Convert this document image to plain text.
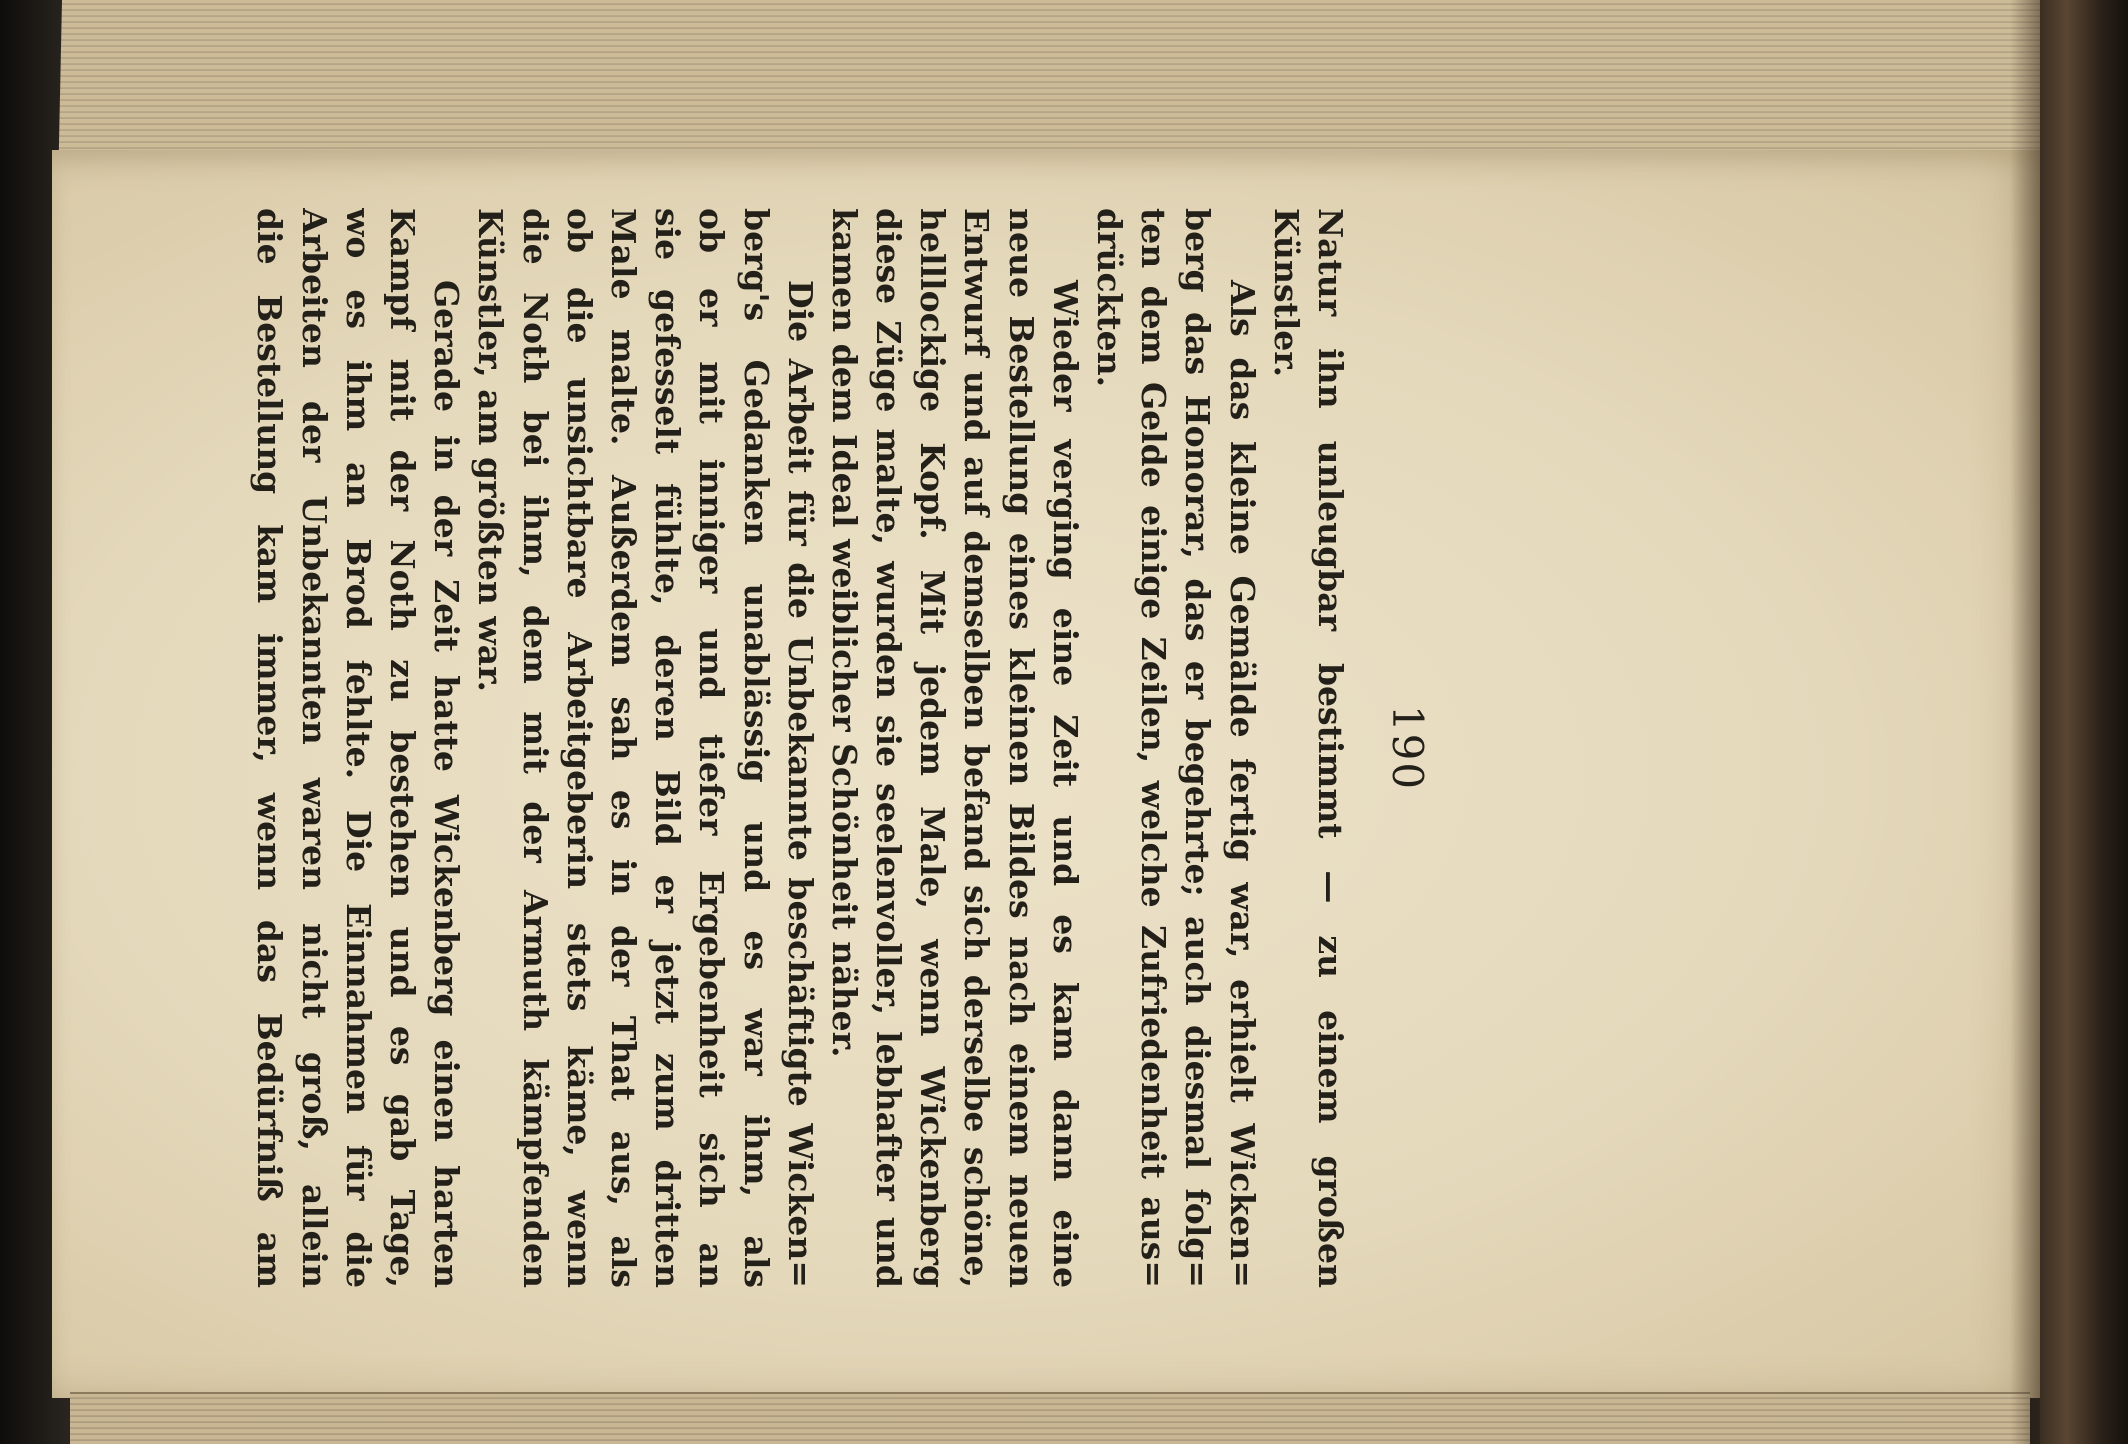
190
Natur ihn unleugbar bestimmt — zu einem großen
Künstler.
Als das kleine Gemälde fertig war, erhielt Wicken=
berg das Honorar, das er begehrte; auch diesmal folg=
ten dem Gelde einige Zeilen, welche Zufriedenheit aus=
drückten.
Wieder verging eine Zeit und es kam dann eine
neue Bestellung eines kleinen Bildes nach einem neuen
Entwurf und auf demselben befand sich derselbe schöne,
helllockige Kopf. Mit jedem Male, wenn Wickenberg
diese Züge malte, wurden sie seelenvoller, lebhafter und
kamen dem Ideal weiblicher Schönheit näher.
Die Arbeit für die Unbekannte beschäftigte Wicken=
berg's Gedanken unablässig und es war ihm, als
ob er mit inniger und tiefer Ergebenheit sich an
sie gefesselt fühlte, deren Bild er jetzt zum dritten
Male malte. Außerdem sah es in der That aus, als
ob die unsichtbare Arbeitgeberin stets käme, wenn
die Noth bei ihm, dem mit der Armuth kämpfenden
Künstler, am größten war.
Gerade in der Zeit hatte Wickenberg einen harten
Kampf mit der Noth zu bestehen und es gab Tage,
wo es ihm an Brod fehlte. Die Einnahmen für die
Arbeiten der Unbekannten waren nicht groß, allein
die Bestellung kam immer, wenn das Bedürfniß am
